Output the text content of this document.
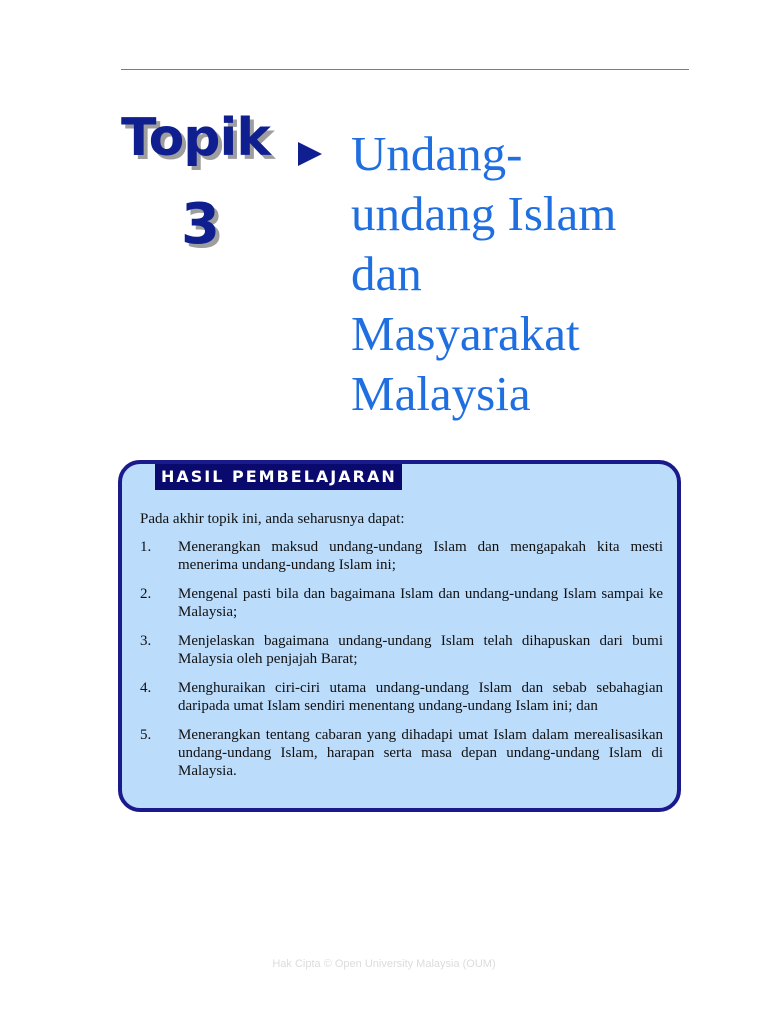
Topik
3
Undang-
undang Islam
dan
Masyarakat
Malaysia
HASIL PEMBELAJARAN
Pada akhir topik ini, anda seharusnya dapat:
1.	Menerangkan maksud undang-undang Islam dan mengapakah kita mesti menerima undang-undang Islam ini;
2.	Mengenal pasti bila dan bagaimana Islam dan undang-undang Islam sampai ke Malaysia;
3.	Menjelaskan bagaimana undang-undang Islam telah dihapuskan dari bumi Malaysia oleh penjajah Barat;
4.	Menghuraikan ciri-ciri utama undang-undang Islam dan sebab sebahagian daripada umat Islam sendiri menentang undang-undang Islam ini; dan
5.	Menerangkan tentang cabaran yang dihadapi umat Islam dalam merealisasikan undang-undang Islam, harapan serta masa depan undang-undang Islam di Malaysia.
Hak Cipta © Open University Malaysia (OUM)
